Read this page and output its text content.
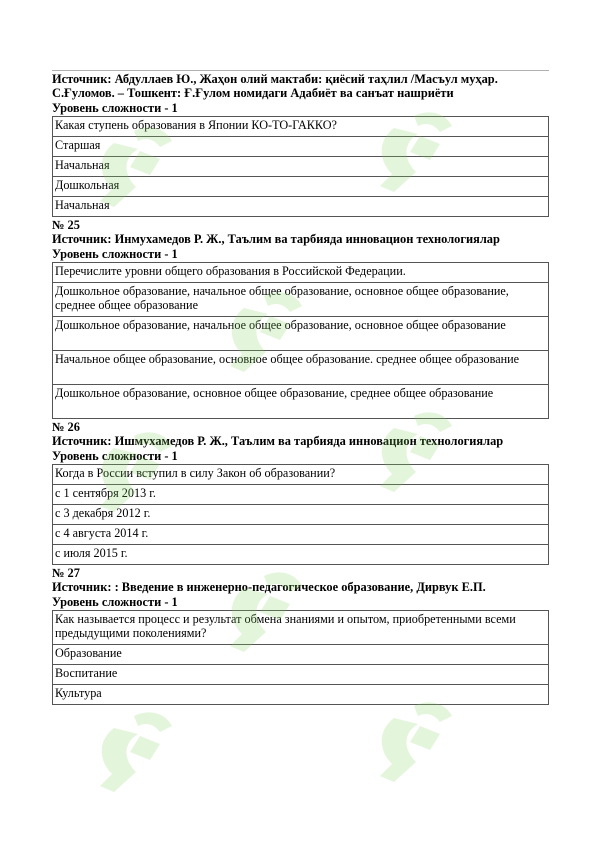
Источник: Абдуллаев Ю., Жаҳон олий мактаби: қиёсий таҳлил /Масъул муҳар. С.Ғуломов. – Тошкент: Ғ.Ғулом номидаги Адабиёт ва санъат нашриёти
Уровень сложности - 1
Какая ступень образования в Японии КО-ТО-ГАККО?
Старшая
Начальная
Дошкольная
Начальная
№ 25
Источник: Инмухамедов Р. Ж., Таълим ва тарбияда инновацион технологиялар
Уровень сложности - 1
Перечислите уровни общего образования в Российской Федерации.
Дошкольное образование, начальное общее образование, основное общее образование, среднее общее образование
Дошкольное образование, начальное общее образование, основное общее образование
Начальное общее образование, основное общее образование. среднее общее образование
Дошкольное образование, основное общее образование, среднее общее образование
№ 26
Источник: Ишмухамедов Р. Ж., Таълим ва тарбияда инновацион технологиялар
Уровень сложности - 1
Когда в России вступил в силу Закон об образовании?
с 1 сентября 2013 г.
с 3 декабря 2012 г.
с 4 августа 2014 г.
с июля 2015 г.
№ 27
Источник: : Введение в инженерно-педагогическое образование, Дирвук Е.П.
Уровень сложности - 1
Как называется процесс и результат обмена знаниями и опытом, приобретенными всеми предыдущими поколениями?
Образование
Воспитание
Культура
